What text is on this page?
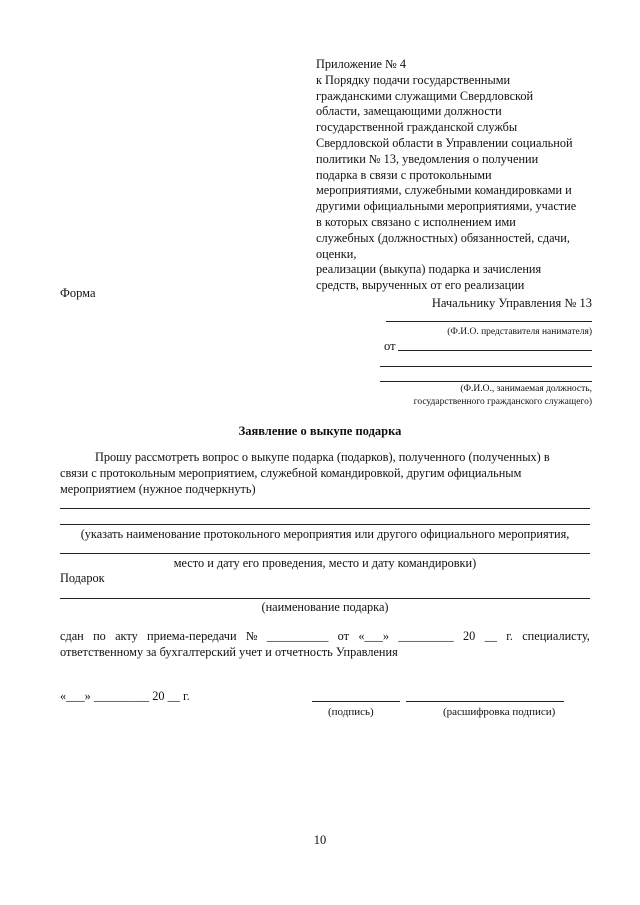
Приложение № 4
к Порядку подачи государственными
гражданскими служащими Свердловской
области, замещающими должности
государственной гражданской службы
Свердловской области в Управлении социальной
политики № 13, уведомления о получении
подарка в связи с протокольными
мероприятиями, служебными командировками и
другими официальными мероприятиями, участие
в которых связано с исполнением ими
служебных (должностных) обязанностей, сдачи,
оценки,
реализации (выкупа) подарка и зачисления
средств, вырученных от его реализации
Форма
Начальнику Управления № 13
(Ф.И.О. представителя нанимателя)
от
(Ф.И.О., занимаемая должность,
государственного гражданского служащего)
Заявление о выкупе подарка
Прошу рассмотреть вопрос о выкупе подарка (подарков), полученного (полученных) в
связи с протокольным мероприятием, служебной командировкой, другим официальным
мероприятием (нужное подчеркнуть)
(указать наименование протокольного мероприятия или другого официального мероприятия,
место и дату его проведения, место и дату командировки)
Подарок
(наименование подарка)
сдан по акту приема-передачи № __________ от «___» _________ 20 __ г. специалисту,
ответственному за бухгалтерский учет и отчетность Управления
«___» _________ 20 __ г.
(подпись)	(расшифровка подписи)
10
